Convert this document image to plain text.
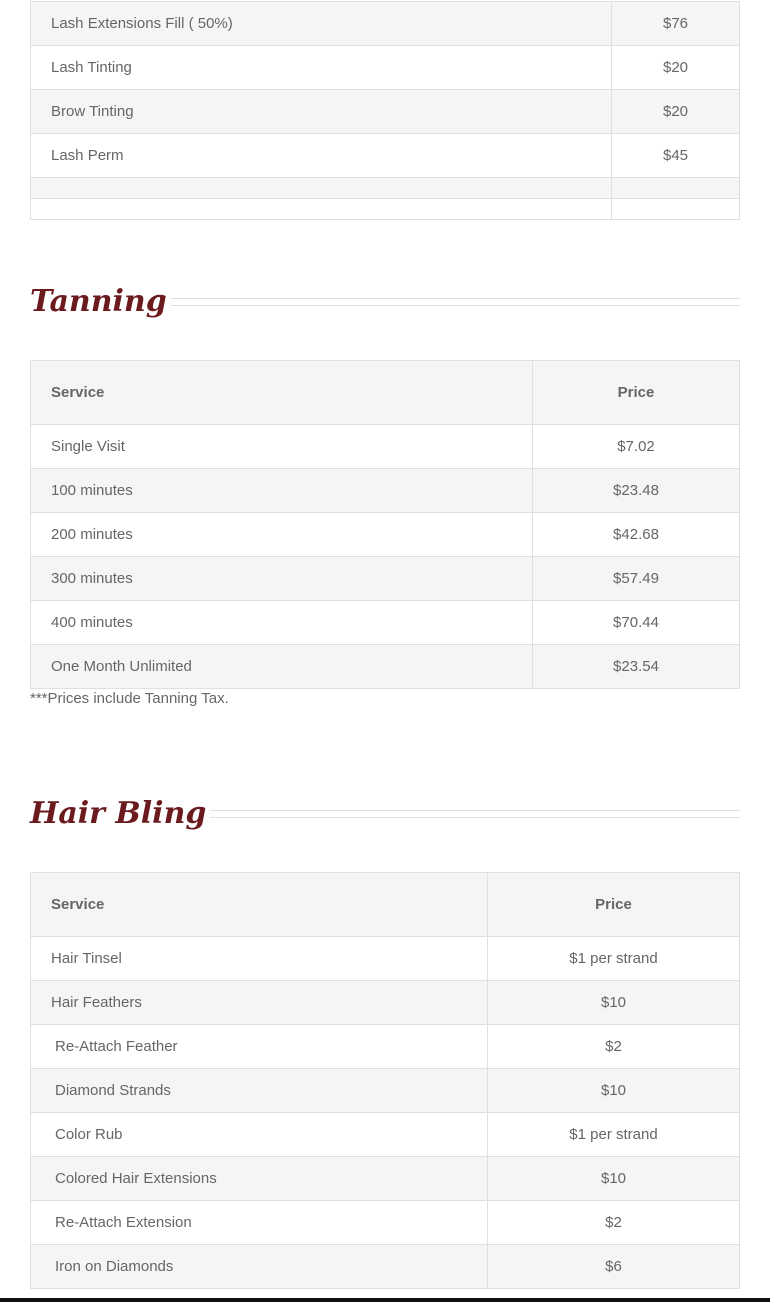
Lash Extensions Fill ( 50%)	$76
Lash Tinting	$20
Brow Tinting	$20
Lash Perm	$45

Tanning
Service	Price
Single Visit	$7.02
100 minutes	$23.48
200 minutes	$42.68
300 minutes	$57.49
400 minutes	$70.44
One Month Unlimited	$23.54
***Prices include Tanning Tax.
Hair Bling
Service	Price
Hair Tinsel	$1 per strand
Hair Feathers	$10
Re-Attach Feather	$2
Diamond Strands	$10
Color Rub	$1 per strand
Colored Hair Extensions	$10
Re-Attach Extension	$2
Iron on Diamonds	$6
